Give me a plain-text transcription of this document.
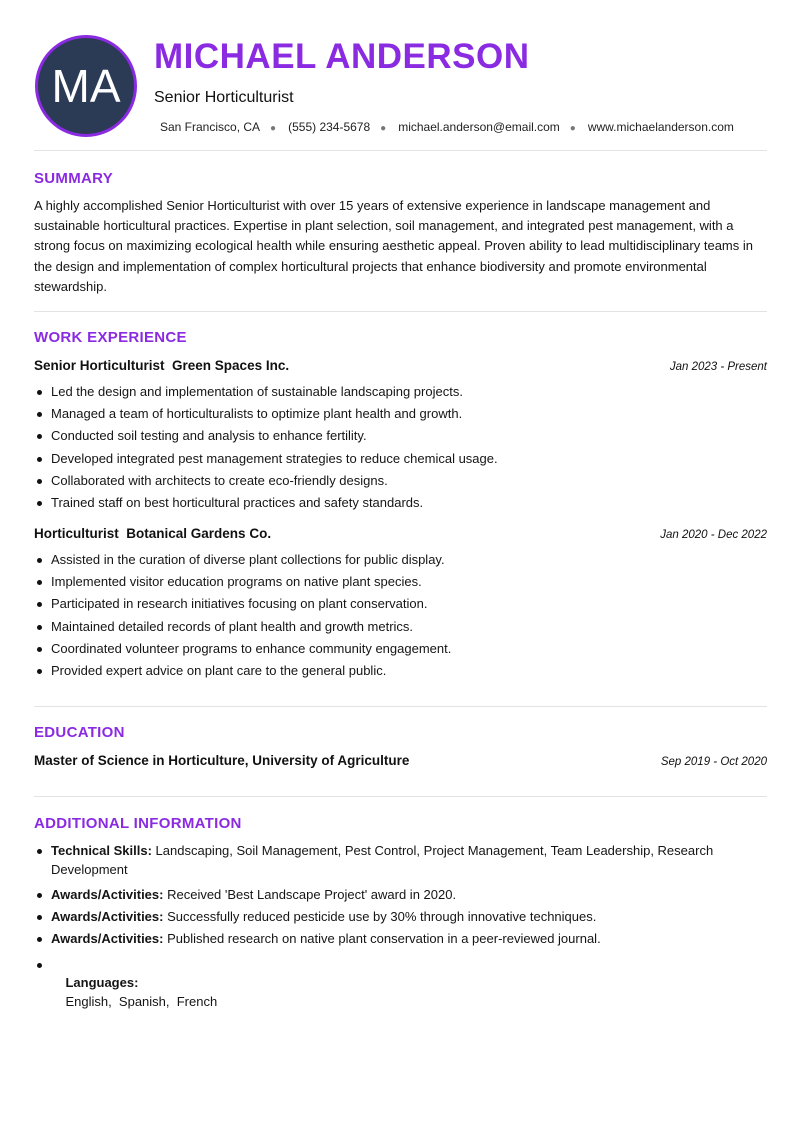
MA
MICHAEL ANDERSON
Senior Horticulturist
San Francisco, CA ● (555) 234-5678 ● michael.anderson@email.com ● www.michaelanderson.com
SUMMARY
A highly accomplished Senior Horticulturist with over 15 years of extensive experience in landscape management and sustainable horticultural practices. Expertise in plant selection, soil management, and integrated pest management, with a strong focus on maximizing ecological health while ensuring aesthetic appeal. Proven ability to lead multidisciplinary teams in the design and implementation of complex horticultural projects that enhance biodiversity and promote environmental stewardship.
WORK EXPERIENCE
Senior Horticulturist Green Spaces Inc.	Jan 2023 - Present
Led the design and implementation of sustainable landscaping projects.
Managed a team of horticulturalists to optimize plant health and growth.
Conducted soil testing and analysis to enhance fertility.
Developed integrated pest management strategies to reduce chemical usage.
Collaborated with architects to create eco-friendly designs.
Trained staff on best horticultural practices and safety standards.
Horticulturist Botanical Gardens Co.	Jan 2020 - Dec 2022
Assisted in the curation of diverse plant collections for public display.
Implemented visitor education programs on native plant species.
Participated in research initiatives focusing on plant conservation.
Maintained detailed records of plant health and growth metrics.
Coordinated volunteer programs to enhance community engagement.
Provided expert advice on plant care to the general public.
EDUCATION
Master of Science in Horticulture, University of Agriculture	Sep 2019 - Oct 2020
ADDITIONAL INFORMATION
Technical Skills: Landscaping, Soil Management, Pest Control, Project Management, Team Leadership, Research Development
Awards/Activities: Received 'Best Landscape Project' award in 2020.
Awards/Activities: Successfully reduced pesticide use by 30% through innovative techniques.
Awards/Activities: Published research on native plant conservation in a peer-reviewed journal.

Languages:
English,  Spanish,  French
